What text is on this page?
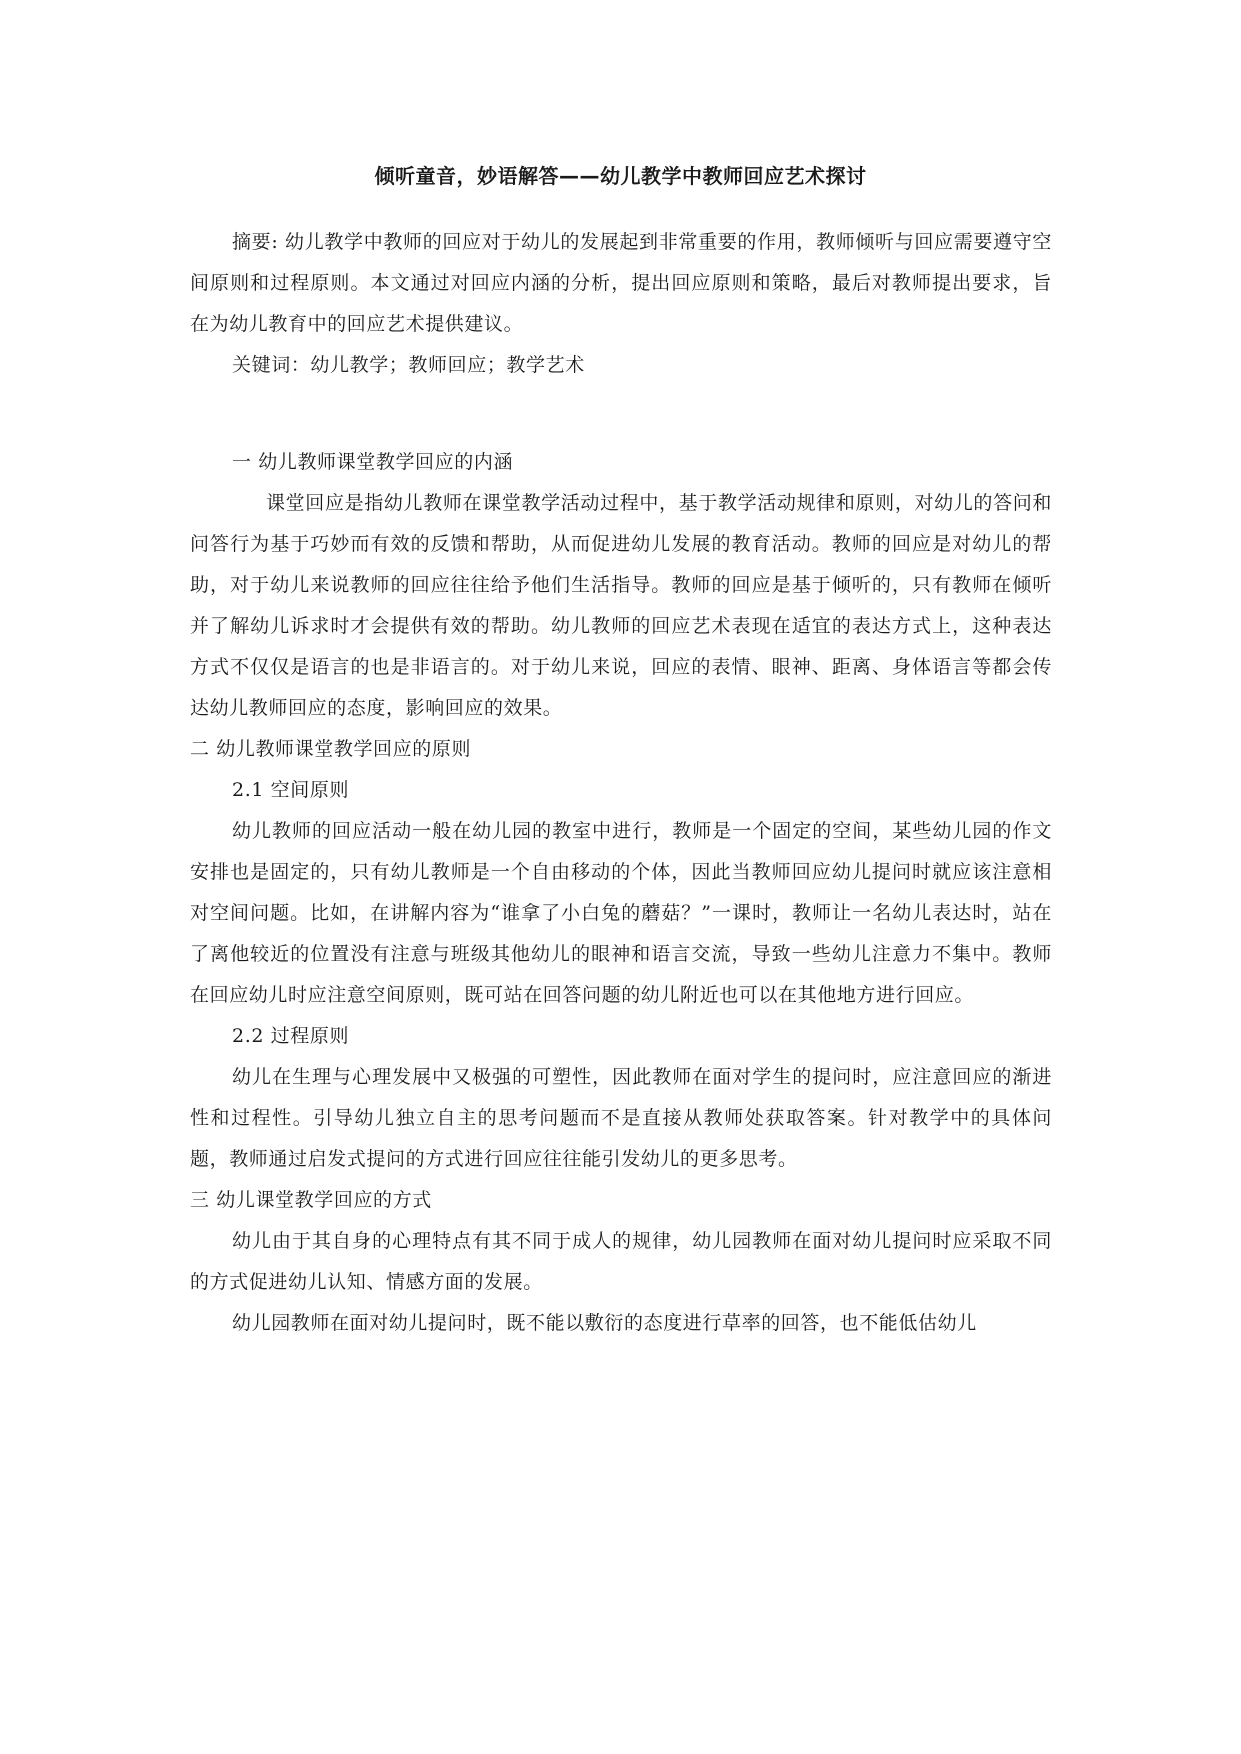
倾听童音，妙语解答——幼儿教学中教师回应艺术探讨

摘要: 幼儿教学中教师的回应对于幼儿的发展起到非常重要的作用，教师倾听与回应需要遵守空间原则和过程原则。本文通过对回应内涵的分析，提出回应原则和策略，最后对教师提出要求，旨在为幼儿教育中的回应艺术提供建议。

关键词：幼儿教学；教师回应；教学艺术

一 幼儿教师课堂教学回应的内涵

课堂回应是指幼儿教师在课堂教学活动过程中，基于教学活动规律和原则，对幼儿的答问和问答行为基于巧妙而有效的反馈和帮助，从而促进幼儿发展的教育活动。教师的回应是对幼儿的帮助，对于幼儿来说教师的回应往往给予他们生活指导。教师的回应是基于倾听的，只有教师在倾听并了解幼儿诉求时才会提供有效的帮助。幼儿教师的回应艺术表现在适宜的表达方式上，这种表达方式不仅仅是语言的也是非语言的。对于幼儿来说，回应的表情、眼神、距离、身体语言等都会传达幼儿教师回应的态度，影响回应的效果。

二 幼儿教师课堂教学回应的原则

2.1 空间原则

幼儿教师的回应活动一般在幼儿园的教室中进行，教师是一个固定的空间，某些幼儿园的作文安排也是固定的，只有幼儿教师是一个自由移动的个体，因此当教师回应幼儿提问时就应该注意相对空间问题。比如，在讲解内容为“谁拿了小白兔的蘑菇？”一课时，教师让一名幼儿表达时，站在了离他较近的位置没有注意与班级其他幼儿的眼神和语言交流，导致一些幼儿注意力不集中。教师在回应幼儿时应注意空间原则，既可站在回答问题的幼儿附近也可以在其他地方进行回应。

2.2 过程原则

幼儿在生理与心理发展中又极强的可塑性，因此教师在面对学生的提问时，应注意回应的渐进性和过程性。引导幼儿独立自主的思考问题而不是直接从教师处获取答案。针对教学中的具体问题，教师通过启发式提问的方式进行回应往往能引发幼儿的更多思考。

三 幼儿课堂教学回应的方式

幼儿由于其自身的心理特点有其不同于成人的规律，幼儿园教师在面对幼儿提问时应采取不同的方式促进幼儿认知、情感方面的发展。

幼儿园教师在面对幼儿提问时，既不能以敷衍的态度进行草率的回答，也不能低估幼儿
